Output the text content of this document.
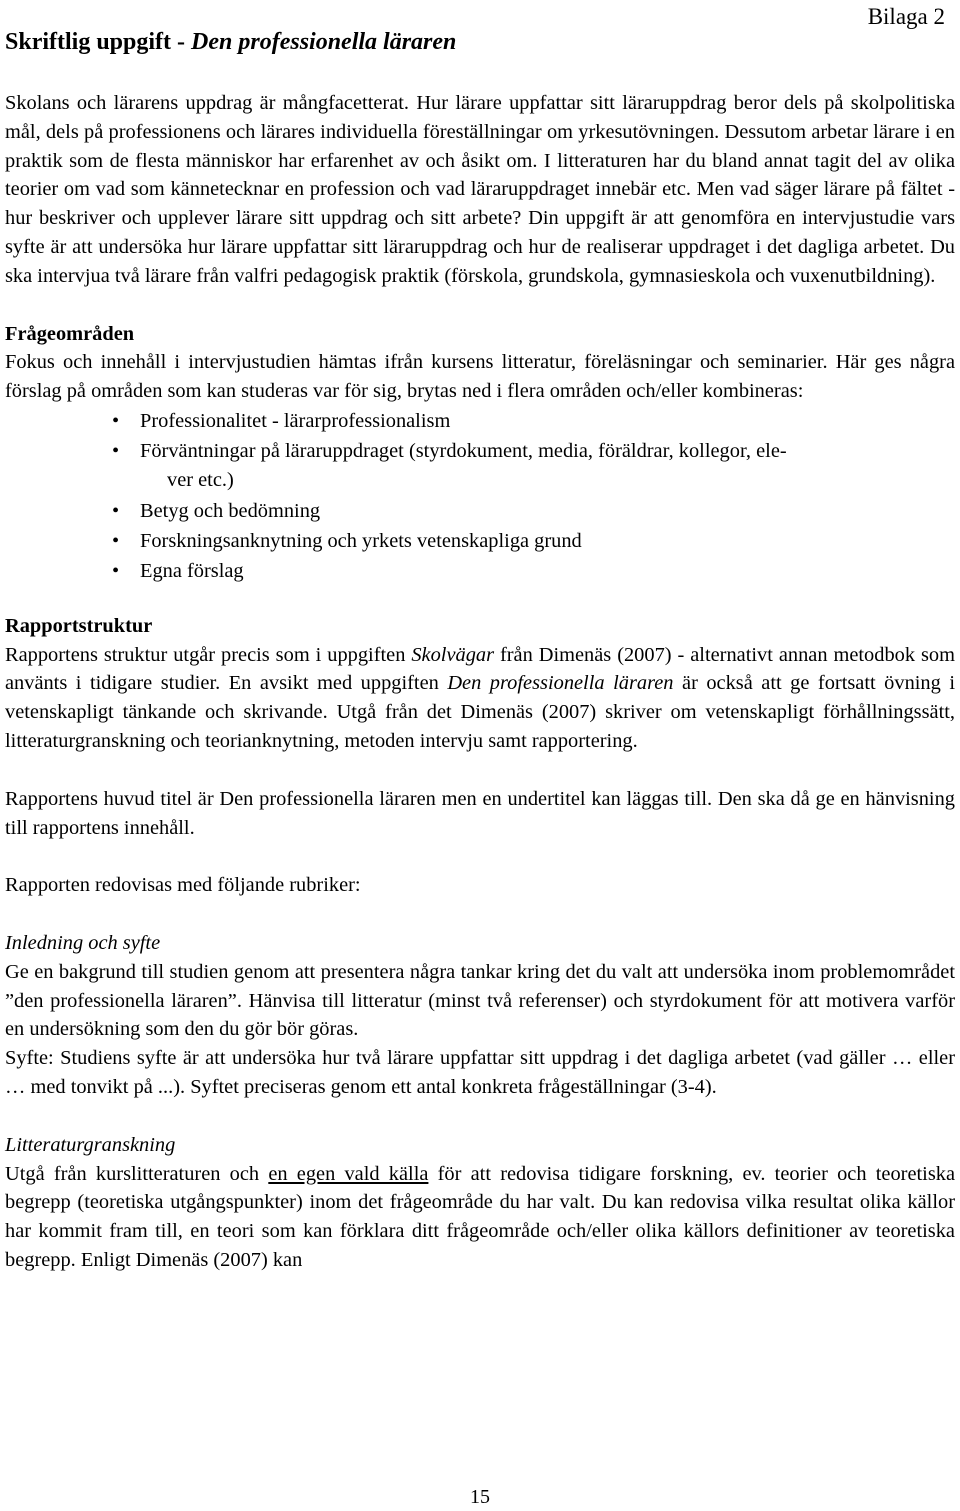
Bilaga 2
Skriftlig uppgift - Den professionella läraren

Skolans och lärarens uppdrag är mångfacetterat. Hur lärare uppfattar sitt läraruppdrag beror dels på skolpolitiska mål, dels på professionens och lärares individuella föreställningar om yrkesutövningen. Dessutom arbetar lärare i en praktik som de flesta människor har erfarenhet av och åsikt om. I litteraturen har du bland annat tagit del av olika teorier om vad som kännetecknar en profession och vad läraruppdraget innebär etc. Men vad säger lärare på fältet - hur beskriver och upplever lärare sitt uppdrag och sitt arbete? Din uppgift är att genomföra en intervjustudie vars syfte är att undersöka hur lärare uppfattar sitt läraruppdrag och hur de realiserar uppdraget i det dagliga arbetet. Du ska intervjua två lärare från valfri pedagogisk praktik (förskola, grundskola, gymnasieskola och vuxenutbildning).

Frågeområden

Fokus och innehåll i intervjustudien hämtas ifrån kursens litteratur, föreläsningar och seminarier. Här ges några förslag på områden som kan studeras var för sig, brytas ned i flera områden och/eller kombineras:

• Professionalitet - lärarprofessionalism
• Förväntningar på läraruppdraget (styrdokument, media, föräldrar, kollegor, ele-
ver etc.)
• Betyg och bedömning
• Forskningsanknytning och yrkets vetenskapliga grund
• Egna förslag
Rapportstruktur

Rapportens struktur utgår precis som i uppgiften Skolvägar från Dimenäs (2007) - alternativt annan metodbok som använts i tidigare studier. En avsikt med uppgiften Den professionella läraren är också att ge fortsatt övning i vetenskapligt tänkande och skrivande. Utgå från det Dimenäs (2007) skriver om vetenskapligt förhållningssätt, litteraturgranskning och teorianknytning, metoden intervju samt rapportering.

Rapportens huvud titel är Den professionella läraren men en undertitel kan läggas till. Den ska då ge en hänvisning till rapportens innehåll.

Rapporten redovisas med följande rubriker:

Inledning och syfte

Ge en bakgrund till studien genom att presentera några tankar kring det du valt att undersöka inom problemområdet ”den professionella läraren”. Hänvisa till litteratur (minst två referenser) och styrdokument för att motivera varför en undersökning som den du gör bör göras.

Syfte: Studiens syfte är att undersöka hur två lärare uppfattar sitt uppdrag i det dagliga arbetet (vad gäller … eller … med tonvikt på ...). Syftet preciseras genom ett antal konkreta frågeställningar (3-4).

Litteraturgranskning

Utgå från kurslitteraturen och en egen vald källa för att redovisa tidigare forskning, ev. teorier och teoretiska begrepp (teoretiska utgångspunkter) inom det frågeområde du har valt. Du kan redovisa vilka resultat olika källor har kommit fram till, en teori som kan förklara ditt frågeområde och/eller olika källors definitioner av teoretiska begrepp. Enligt Dimenäs (2007) kan

15
